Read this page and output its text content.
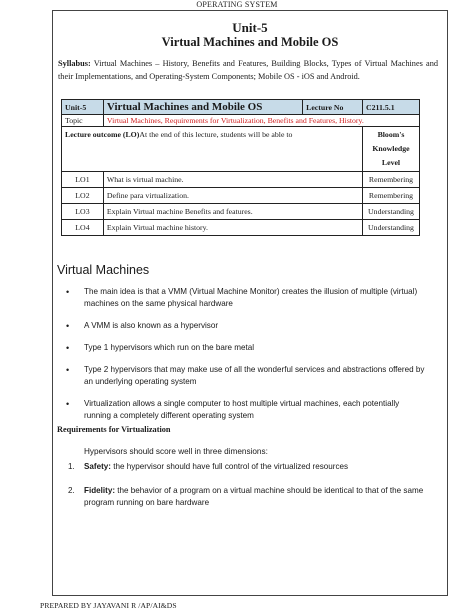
OPERATING SYSTEM
Unit-5
Virtual Machines and Mobile OS
Syllabus: Virtual Machines – History, Benefits and Features, Building Blocks, Types of Virtual Machines and their Implementations, and Operating-System Components; Mobile OS - iOS and Android.
Unit-5	Virtual Machines and Mobile OS	Lecture No	C211.5.1
Topic	Virtual Machines, Requirements for Virtualization, Benefits and Features, History.		
Lecture outcome (LO)At the end of this lecture, students will be able to			Bloom's
Knowledge Level
LO1	What is virtual machine.		Remembering
LO2	Define para virtualization.		Remembering
LO3	Explain Virtual machine Benefits and features.		Understanding
LO4	Explain Virtual machine history.		Understanding
Virtual Machines
• The main idea is that a VMM (Virtual Machine Monitor) creates the illusion of multiple (virtual) machines on the same physical hardware
• A VMM is also known as a hypervisor
• Type 1 hypervisors which run on the bare metal
• Type 2 hypervisors that may make use of all the wonderful services and abstractions offered by an underlying operating system
• Virtualization allows a single computer to host multiple virtual machines, each potentially running a completely different operating system
Requirements for Virtualization
Hypervisors should score well in three dimensions:
1. Safety: the hypervisor should have full control of the virtualized resources
2. Fidelity: the behavior of a program on a virtual machine should be identical to that of the same program running on bare hardware
PREPARED BY JAYAVANI R /AP/AI&DS
